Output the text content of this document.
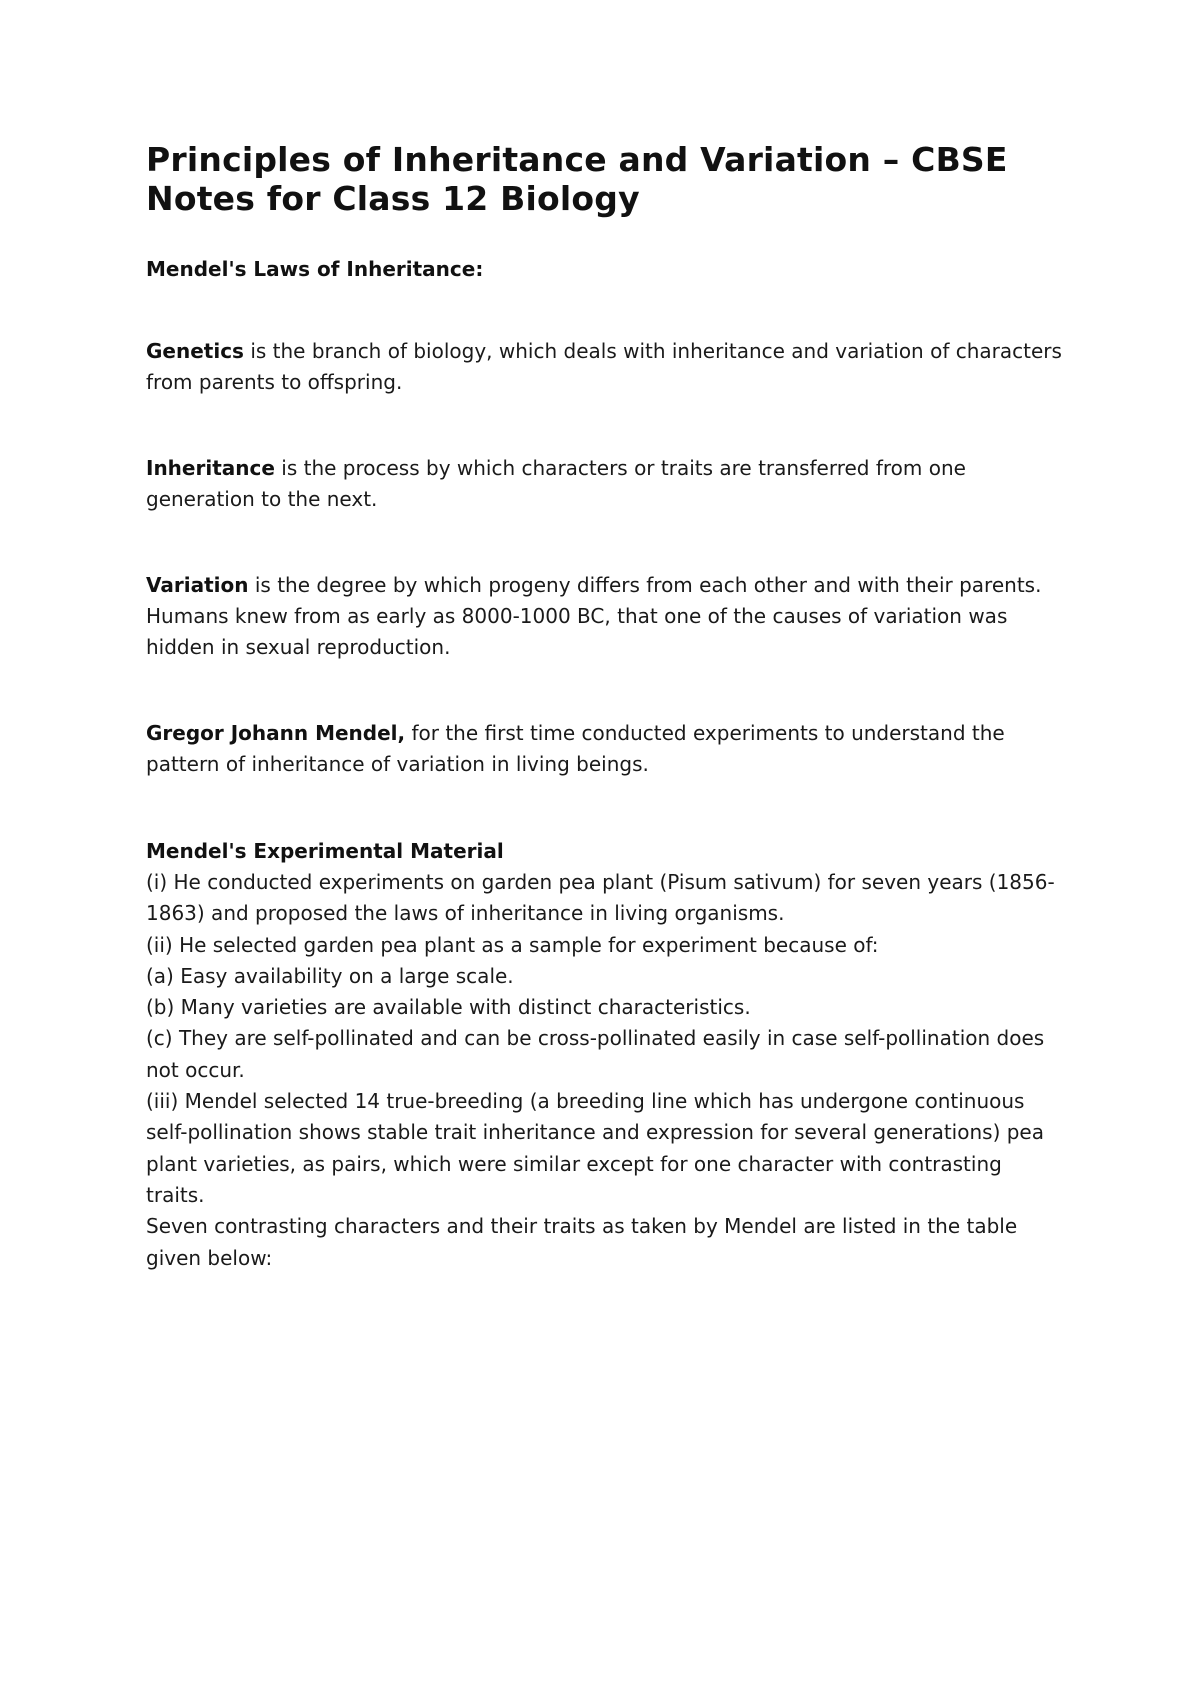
Principles of Inheritance and Variation – CBSE Notes for Class 12 Biology

Mendel's Laws of Inheritance:

Genetics is the branch of biology, which deals with inheritance and variation of characters from parents to offspring.

Inheritance is the process by which characters or traits are transferred from one generation to the next.

Variation is the degree by which progeny differs from each other and with their parents. Humans knew from as early as 8000-1000 BC, that one of the causes of variation was hidden in sexual reproduction.

Gregor Johann Mendel, for the first time conducted experiments to understand the pattern of inheritance of variation in living beings.

Mendel's Experimental Material

(i) He conducted experiments on garden pea plant (Pisum sativum) for seven years (1856-1863) and proposed the laws of inheritance in living organisms.

(ii) He selected garden pea plant as a sample for experiment because of:

(a) Easy availability on a large scale.

(b) Many varieties are available with distinct characteristics.

(c) They are self-pollinated and can be cross-pollinated easily in case self-pollination does not occur.

(iii) Mendel selected 14 true-breeding (a breeding line which has undergone continuous self-pollination shows stable trait inheritance and expression for several generations) pea plant varieties, as pairs, which were similar except for one character with contrasting traits.

Seven contrasting characters and their traits as taken by Mendel are listed in the table given below:
